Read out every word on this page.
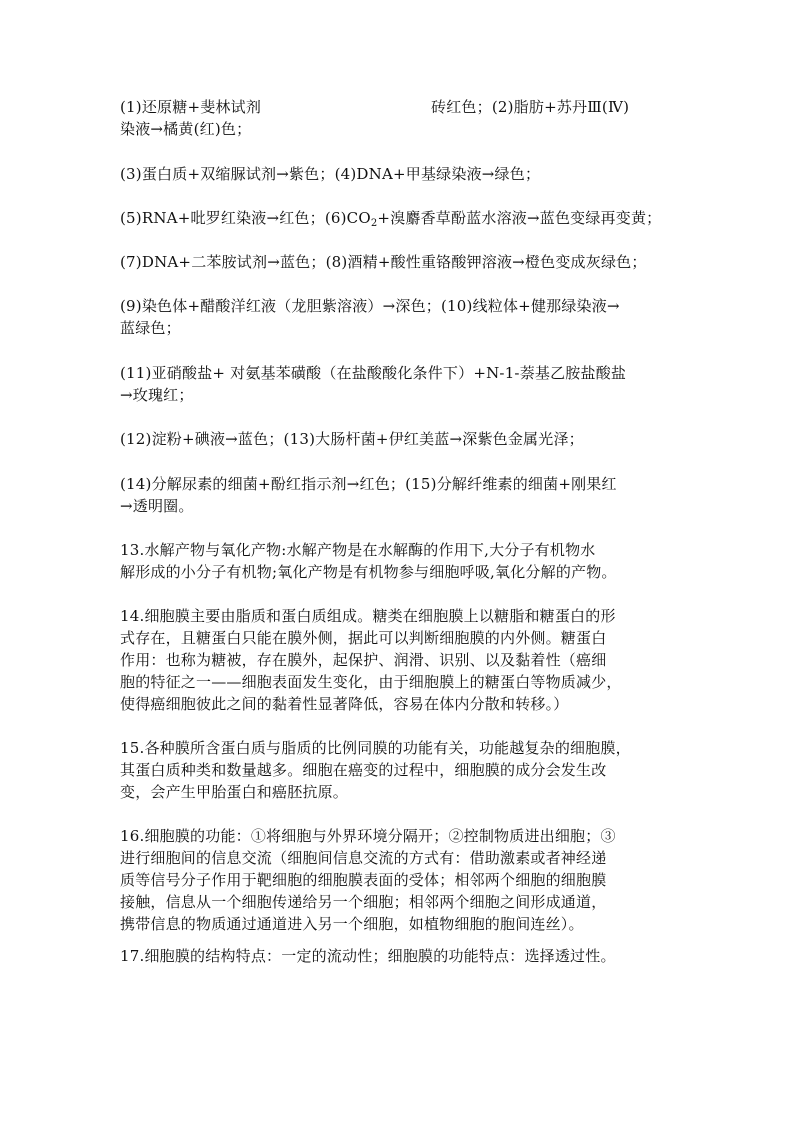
(1)还原糖+斐林试剂	砖红色；(2)脂肪+苏丹Ⅲ(Ⅳ)
染液→橘黄(红)色；
(3)蛋白质+双缩脲试剂→紫色；(4)DNA+甲基绿染液→绿色；
(5)RNA+吡罗红染液→红色；$(6)CO_2+$溴麝香草酚蓝水溶液→蓝色变绿再变黄；
(7)DNA+二苯胺试剂→蓝色；(8)酒精+酸性重铬酸钾溶液→橙色变成灰绿色；
(9)染色体+醋酸洋红液（龙胆紫溶液）→深色；(10)线粒体+健那绿染液→
蓝绿色；
(11)亚硝酸盐+ 对氨基苯磺酸（在盐酸酸化条件下）+N-1-萘基乙胺盐酸盐
→玫瑰红；
(12)淀粉+碘液→蓝色；(13)大肠杆菌+伊红美蓝→深紫色金属光泽；
(14)分解尿素的细菌+酚红指示剂→红色；(15)分解纤维素的细菌+刚果红
→透明圈。
13.水解产物与氧化产物:水解产物是在水解酶的作用下,大分子有机物水
解形成的小分子有机物;氧化产物是有机物参与细胞呼吸,氧化分解的产物。
14.细胞膜主要由脂质和蛋白质组成。糖类在细胞膜上以糖脂和糖蛋白的形
式存在，且糖蛋白只能在膜外侧，据此可以判断细胞膜的内外侧。糖蛋白
作用：也称为糖被，存在膜外，起保护、润滑、识别、以及黏着性（癌细
胞的特征之一——细胞表面发生变化，由于细胞膜上的糖蛋白等物质减少，
使得癌细胞彼此之间的黏着性显著降低，容易在体内分散和转移。）
15.各种膜所含蛋白质与脂质的比例同膜的功能有关，功能越复杂的细胞膜，
其蛋白质种类和数量越多。细胞在癌变的过程中，细胞膜的成分会发生改
变，会产生甲胎蛋白和癌胚抗原。
16.细胞膜的功能：①将细胞与外界环境分隔开；②控制物质进出细胞；③
进行细胞间的信息交流（细胞间信息交流的方式有：借助激素或者神经递
质等信号分子作用于靶细胞的细胞膜表面的受体；相邻两个细胞的细胞膜
接触，信息从一个细胞传递给另一个细胞；相邻两个细胞之间形成通道，
携带信息的物质通过通道进入另一个细胞，如植物细胞的胞间连丝）。
17.细胞膜的结构特点：一定的流动性；细胞膜的功能特点：选择透过性。
